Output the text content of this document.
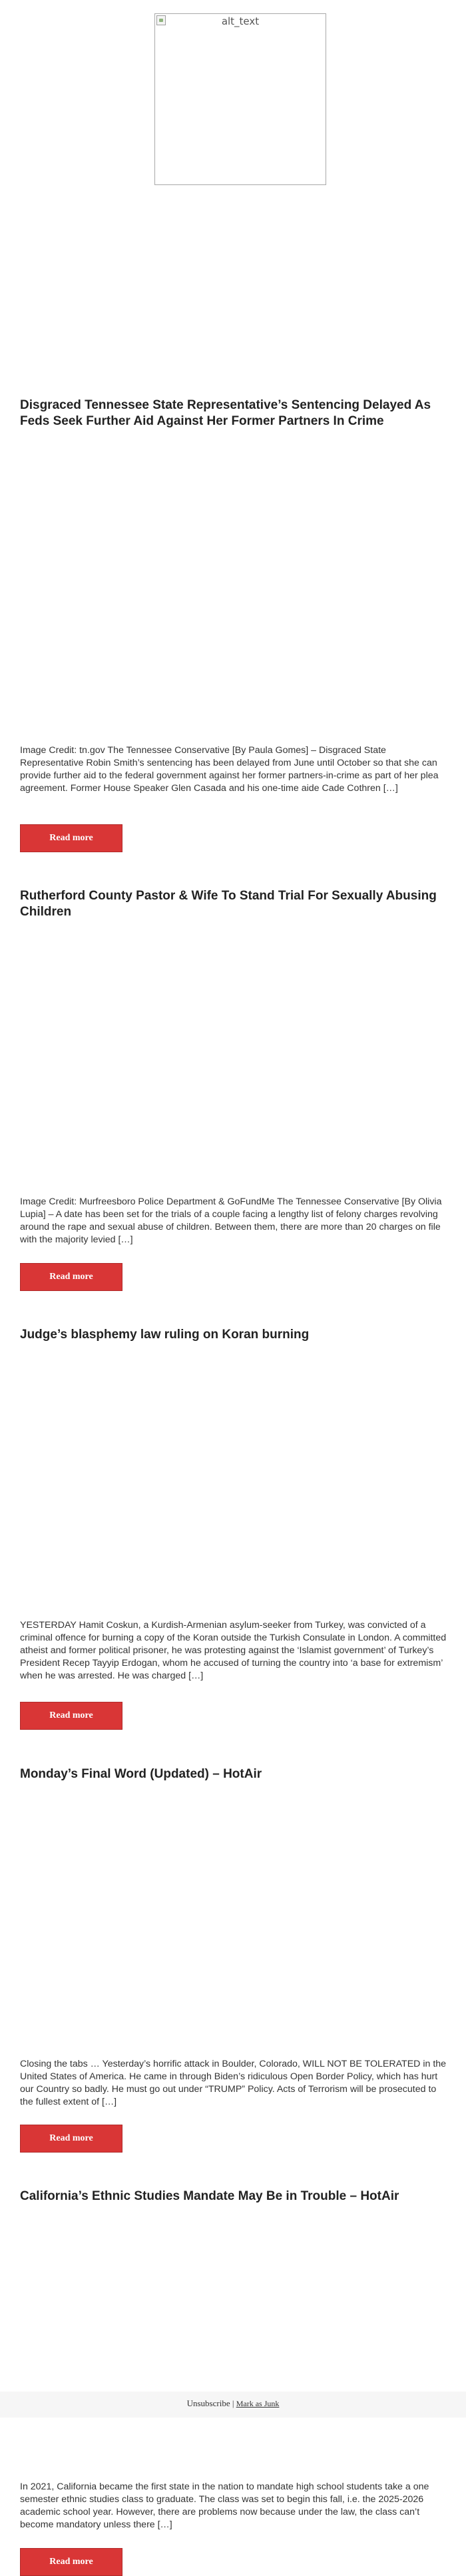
alt_text
Disgraced Tennessee State Representative’s Sentencing Delayed As Feds Seek Further Aid Against Her Former Partners In Crime

Image Credit: tn.gov The Tennessee Conservative [By Paula Gomes] – Disgraced State Representative Robin Smith’s sentencing has been delayed from June until October so that she can provide further aid to the federal government against her former partners-in-crime as part of her plea agreement. Former House Speaker Glen Casada and his one-time aide Cade Cothren […]

Read more
Rutherford County Pastor & Wife To Stand Trial For Sexually Abusing Children

Image Credit: Murfreesboro Police Department & GoFundMe The Tennessee Conservative [By Olivia Lupia] – A date has been set for the trials of a couple facing a lengthy list of felony charges revolving around the rape and sexual abuse of children. Between them, there are more than 20 charges on file with the majority levied […]

Read more
Judge’s blasphemy law ruling on Koran burning

YESTERDAY Hamit Coskun, a Kurdish-Armenian asylum-seeker from Turkey, was convicted of a criminal offence for burning a copy of the Koran outside the Turkish Consulate in London. A committed atheist and former political prisoner, he was protesting against the ‘Islamist government’ of Turkey’s President Recep Tayyip Erdogan, whom he accused of turning the country into ‘a base for extremism’ when he was arrested. He was charged […]

Read more
Monday’s Final Word (Updated) – HotAir

Closing the tabs … Yesterday’s horrific attack in Boulder, Colorado, WILL NOT BE TOLERATED in the United States of America. He came in through Biden’s ridiculous Open Border Policy, which has hurt our Country so badly. He must go out under “TRUMP” Policy. Acts of Terrorism will be prosecuted to the fullest extent of […]

Read more
California’s Ethnic Studies Mandate May Be in Trouble – HotAir

In 2021, California became the first state in the nation to mandate high school students take a one semester ethnic studies class to graduate. The class was set to begin this fall, i.e. the 2025-2026 academic school year. However, there are problems now because under the law, the class can’t become mandatory unless there […]

Read more
Unsubscribe | Mark as Junk
